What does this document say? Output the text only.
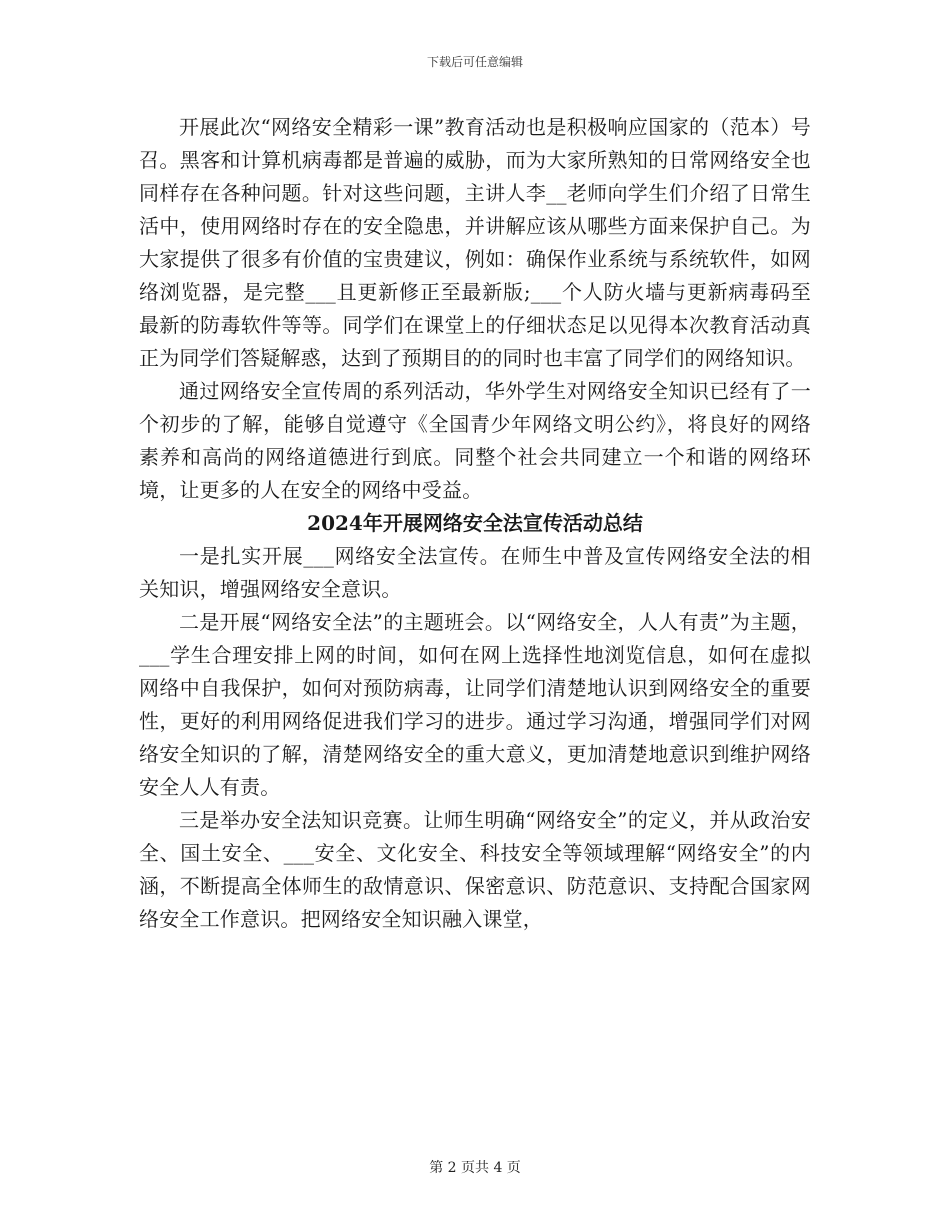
下载后可任意编辑

开展此次“网络安全精彩一课”教育活动也是积极响应国家的（范本）号召。黑客和计算机病毒都是普遍的威胁，而为大家所熟知的日常网络安全也同样存在各种问题。针对这些问题，主讲人李__老师向学生们介绍了日常生活中，使用网络时存在的安全隐患，并讲解应该从哪些方面来保护自己。为大家提供了很多有价值的宝贵建议，例如：确保作业系统与系统软件，如网络浏览器，是完整___且更新修正至最新版;___个人防火墙与更新病毒码至最新的防毒软件等等。同学们在课堂上的仔细状态足以见得本次教育活动真正为同学们答疑解惑，达到了预期目的的同时也丰富了同学们的网络知识。

通过网络安全宣传周的系列活动，华外学生对网络安全知识已经有了一个初步的了解，能够自觉遵守《全国青少年网络文明公约》，将良好的网络素养和高尚的网络道德进行到底。同整个社会共同建立一个和谐的网络环境，让更多的人在安全的网络中受益。

2024年开展网络安全法宣传活动总结

一是扎实开展___网络安全法宣传。在师生中普及宣传网络安全法的相关知识，增强网络安全意识。

二是开展“网络安全法”的主题班会。以“网络安全，人人有责”为主题，___学生合理安排上网的时间，如何在网上选择性地浏览信息，如何在虚拟网络中自我保护，如何对预防病毒，让同学们清楚地认识到网络安全的重要性，更好的利用网络促进我们学习的进步。通过学习沟通，增强同学们对网络安全知识的了解，清楚网络安全的重大意义，更加清楚地意识到维护网络安全人人有责。

三是举办安全法知识竞赛。让师生明确“网络安全”的定义，并从政治安全、国土安全、___安全、文化安全、科技安全等领域理解“网络安全”的内涵，不断提高全体师生的敌情意识、保密意识、防范意识、支持配合国家网络安全工作意识。把网络安全知识融入课堂，

第 2 页共 4 页
